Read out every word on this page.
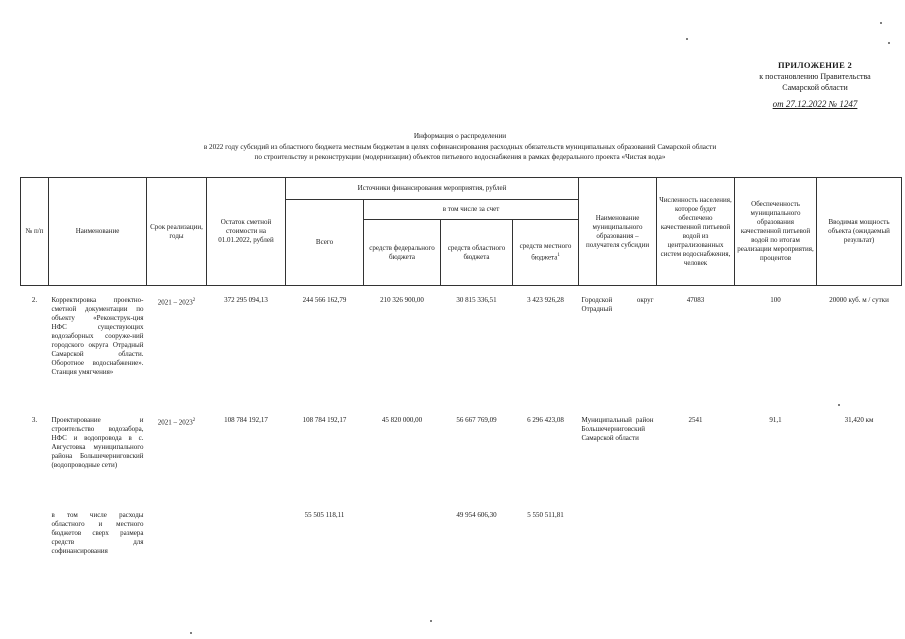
ПРИЛОЖЕНИЕ 2
к постановлению Правительства
Самарской области
от 27.12.2022 № 1247
Информация о распределении
в 2022 году субсидий из областного бюджета местным бюджетам в целях софинансирования расходных обязательств муниципальных образований Самарской области
по строительству и реконструкции (модернизации) объектов питьевого водоснабжения в рамках федерального проекта «Чистая вода»
№ п/п	Наименование	Срок реализации, годы	Остаток сметной стоимости на 01.01.2022, рублей	Источники финансирования мероприятия, рублей				Наименование муниципального образования – получателя субсидии	Численность населения, которое будет обеспечено качественной питьевой водой из централизованных систем водоснабжения, человек	Обеспеченность муниципального образования качественной питьевой водой по итогам реализации мероприятия, процентов	Вводимая мощность объекта (ожидаемый результат)
				Всего	в том числе за счет						
					средств федерального бюджета	средств областного бюджета	средств местного бюджета$^1$

2.	Корректировка проектно-сметной документации по объекту «Реконструк-ция НФС существующих водозаборных сооруже-ний городского округа Отрадный Самарской области. Оборотное водоснабжение». Станция умягчения»	2021 – 2023$^2$	372 295 094,13	244 566 162,79	210 326 900,00	30 815 336,51	3 423 926,28	Городской округ Отрадный	47083	100	20000 куб. м / сутки
3.	Проектирование и строительство водозабора, НФС и водопровода в с. Августовка муниципального района Большечерниговский (водопроводные сети)	2021 – 2023$^2$	108 784 192,17	108 784 192,17	45 820 000,00	56 667 769,09	6 296 423,08	Муниципальный район Большечерниговский Самарской области	2541	91,1	31,420 км
	в том числе расходы областного и местного бюджетов сверх размера средств для софинансирования			55 505 118,11		49 954 606,30	5 550 511,81				
